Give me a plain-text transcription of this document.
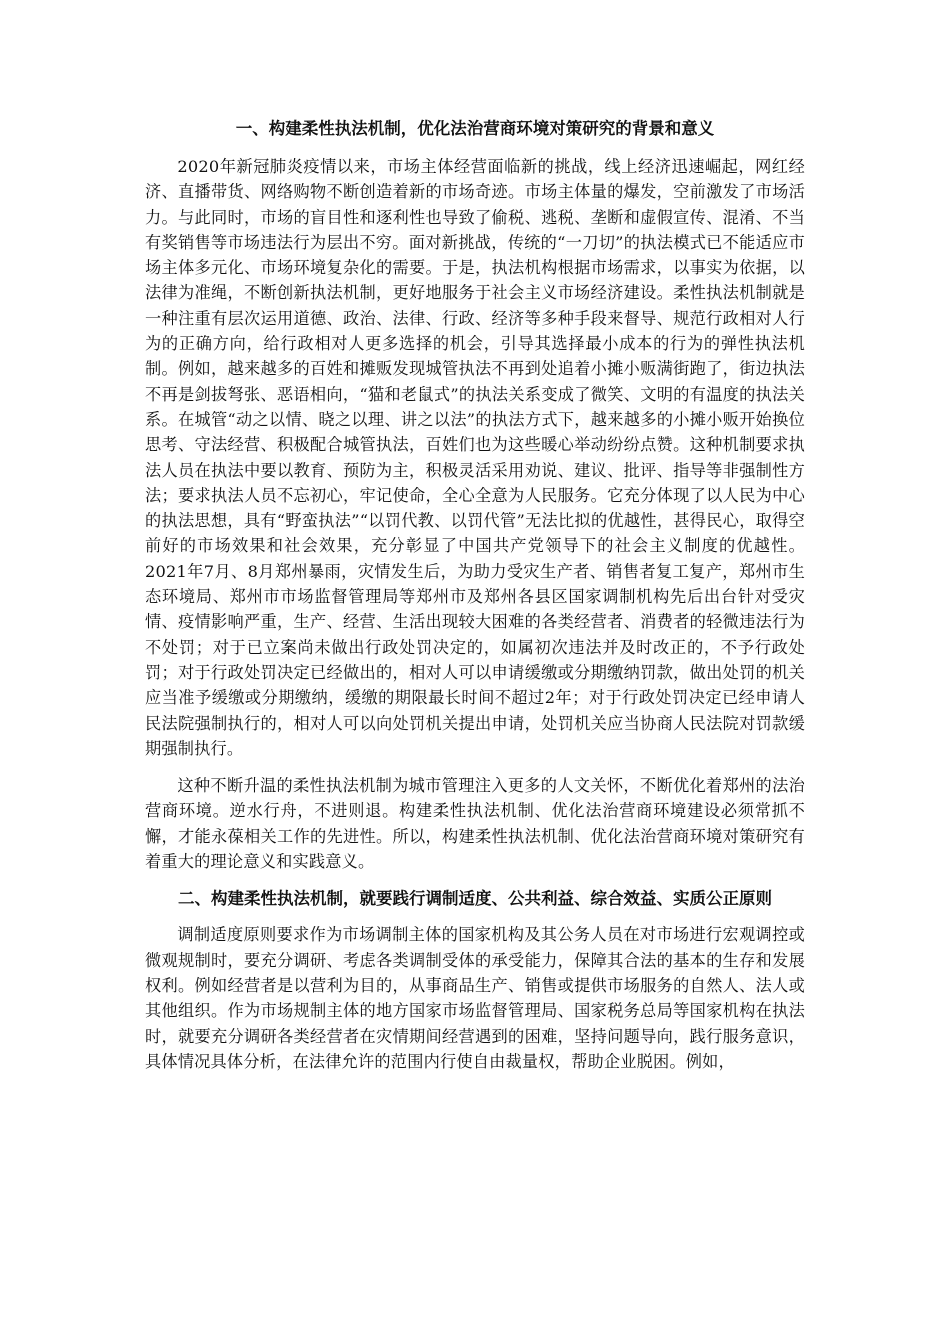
一、构建柔性执法机制，优化法治营商环境对策研究的背景和意义

2020年新冠肺炎疫情以来，市场主体经营面临新的挑战，线上经济迅速崛起，网红经济、直播带货、网络购物不断创造着新的市场奇迹。市场主体量的爆发，空前激发了市场活力。与此同时，市场的盲目性和逐利性也导致了偷税、逃税、垄断和虚假宣传、混淆、不当有奖销售等市场违法行为层出不穷。面对新挑战，传统的“一刀切”的执法模式已不能适应市场主体多元化、市场环境复杂化的需要。于是，执法机构根据市场需求，以事实为依据，以法律为准绳，不断创新执法机制，更好地服务于社会主义市场经济建设。柔性执法机制就是一种注重有层次运用道德、政治、法律、行政、经济等多种手段来督导、规范行政相对人行为的正确方向，给行政相对人更多选择的机会，引导其选择最小成本的行为的弹性执法机制。例如，越来越多的百姓和摊贩发现城管执法不再到处追着小摊小贩满街跑了，街边执法不再是剑拔弩张、恶语相向，“猫和老鼠式”的执法关系变成了微笑、文明的有温度的执法关系。在城管“动之以情、晓之以理、讲之以法”的执法方式下，越来越多的小摊小贩开始换位思考、守法经营、积极配合城管执法，百姓们也为这些暖心举动纷纷点赞。这种机制要求执法人员在执法中要以教育、预防为主，积极灵活采用劝说、建议、批评、指导等非强制性方法；要求执法人员不忘初心，牢记使命，全心全意为人民服务。它充分体现了以人民为中心的执法思想，具有“野蛮执法”“以罚代教、以罚代管”无法比拟的优越性，甚得民心，取得空前好的市场效果和社会效果，充分彰显了中国共产党领导下的社会主义制度的优越性。2021年7月、8月郑州暴雨，灾情发生后，为助力受灾生产者、销售者复工复产，郑州市生态环境局、郑州市市场监督管理局等郑州市及郑州各县区国家调制机构先后出台针对受灾情、疫情影响严重，生产、经营、生活出现较大困难的各类经营者、消费者的轻微违法行为不处罚；对于已立案尚未做出行政处罚决定的，如属初次违法并及时改正的，不予行政处罚；对于行政处罚决定已经做出的，相对人可以申请缓缴或分期缴纳罚款，做出处罚的机关应当准予缓缴或分期缴纳，缓缴的期限最长时间不超过2年；对于行政处罚决定已经申请人民法院强制执行的，相对人可以向处罚机关提出申请，处罚机关应当协商人民法院对罚款缓期强制执行。

这种不断升温的柔性执法机制为城市管理注入更多的人文关怀，不断优化着郑州的法治营商环境。逆水行舟，不进则退。构建柔性执法机制、优化法治营商环境建设必须常抓不懈，才能永葆相关工作的先进性。所以，构建柔性执法机制、优化法治营商环境对策研究有着重大的理论意义和实践意义。

二、构建柔性执法机制，就要践行调制适度、公共利益、综合效益、实质公正原则

调制适度原则要求作为市场调制主体的国家机构及其公务人员在对市场进行宏观调控或微观规制时，要充分调研、考虑各类调制受体的承受能力，保障其合法的基本的生存和发展权利。例如经营者是以营利为目的，从事商品生产、销售或提供市场服务的自然人、法人或其他组织。作为市场规制主体的地方国家市场监督管理局、国家税务总局等国家机构在执法时，就要充分调研各类经营者在灾情期间经营遇到的困难，坚持问题导向，践行服务意识，具体情况具体分析，在法律允许的范围内行使自由裁量权，帮助企业脱困。例如，
